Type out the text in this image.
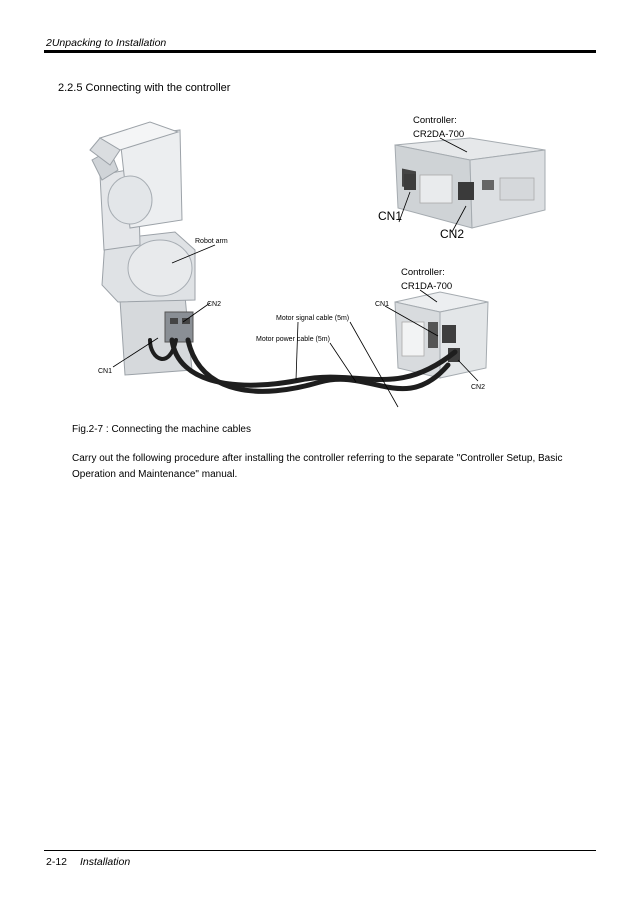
2Unpacking to Installation
2.2.5 Connecting with the controller
Controller:
CR2DA-700
CN1
CN2
Robot arm
Controller:
CR1DA-700
CN2	CN1
Motor signal cable (5m)
Motor power cable (5m)
CN1
CN2
Fig.2-7 : Connecting the machine cables
Carry out the following procedure after installing the controller referring to the separate "Controller Setup, Basic Operation and Maintenance" manual.
2-12 Installation
